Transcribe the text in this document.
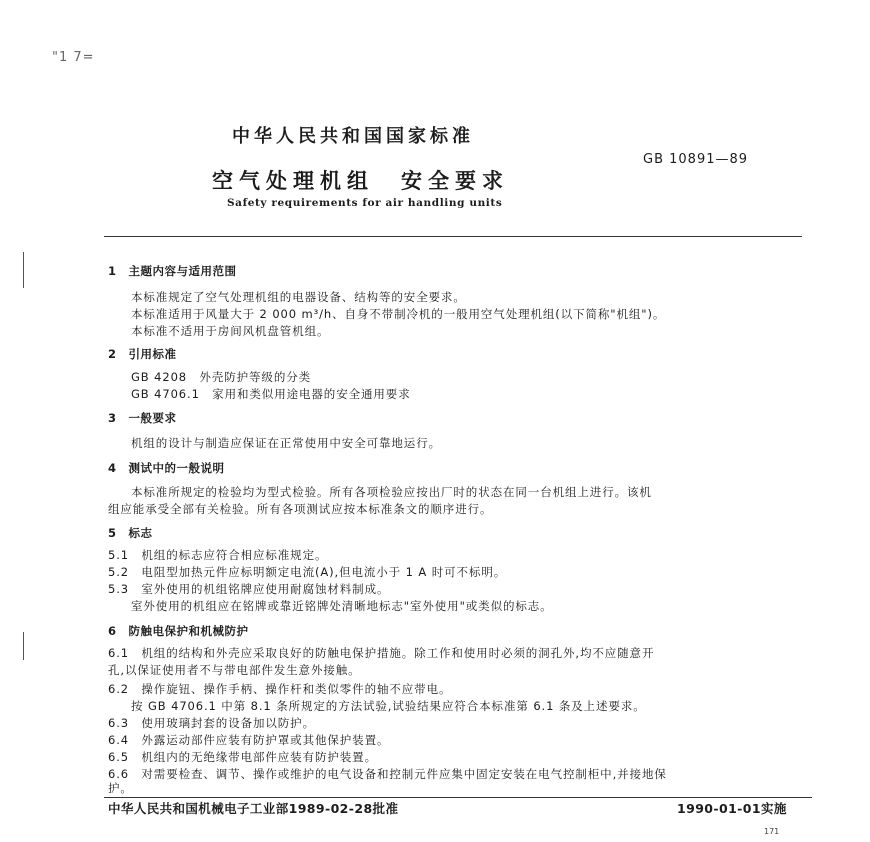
"1 7=
中华人民共和国国家标准
GB 10891—89
空气处理机组　安全要求
Safety requirements for air handling units
1　主题内容与适用范围
本标准规定了空气处理机组的电器设备、结构等的安全要求。
本标准适用于风量大于 2 000 m³/h、自身不带制冷机的一般用空气处理机组(以下简称"机组")。
本标准不适用于房间风机盘管机组。
2　引用标准
GB 4208　外壳防护等级的分类
GB 4706.1　家用和类似用途电器的安全通用要求
3　一般要求
机组的设计与制造应保证在正常使用中安全可靠地运行。
4　测试中的一般说明
本标准所规定的检验均为型式检验。所有各项检验应按出厂时的状态在同一台机组上进行。该机
组应能承受全部有关检验。所有各项测试应按本标准条文的顺序进行。
5　标志
5.1　机组的标志应符合相应标准规定。
5.2　电阻型加热元件应标明额定电流(A),但电流小于 1 A 时可不标明。
5.3　室外使用的机组铭牌应使用耐腐蚀材料制成。
室外使用的机组应在铭牌或靠近铭牌处清晰地标志"室外使用"或类似的标志。
6　防触电保护和机械防护
6.1　机组的结构和外壳应采取良好的防触电保护措施。除工作和使用时必须的洞孔外,均不应随意开
孔,以保证使用者不与带电部件发生意外接触。
6.2　操作旋钮、操作手柄、操作杆和类似零件的轴不应带电。
按 GB 4706.1 中第 8.1 条所规定的方法试验,试验结果应符合本标准第 6.1 条及上述要求。
6.3　使用玻璃封套的设备加以防护。
6.4　外露运动部件应装有防护罩或其他保护装置。
6.5　机组内的无绝缘带电部件应装有防护装置。
6.6　对需要检查、调节、操作或维护的电气设备和控制元件应集中固定安装在电气控制柜中,并接地保
护。
中华人民共和国机械电子工业部1989-02-28批准	1990-01-01实施
171
